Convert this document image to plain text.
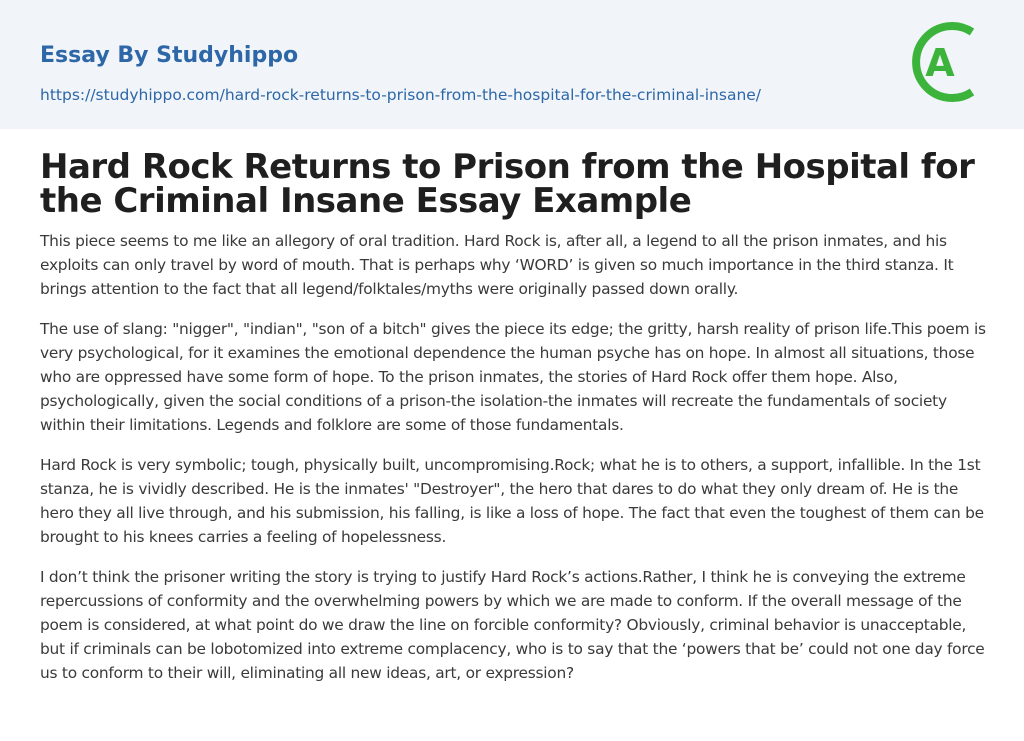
Essay By Studyhippo
https://studyhippo.com/hard-rock-returns-to-prison-from-the-hospital-for-the-criminal-insane/
A
Hard Rock Returns to Prison from the Hospital for the Criminal Insane Essay Example

This piece seems to me like an allegory of oral tradition. Hard Rock is, after all, a legend to all the prison inmates, and his exploits can only travel by word of mouth. That is perhaps why ‘WORD’ is given so much importance in the third stanza. It brings attention to the fact that all legend/folktales/myths were originally passed down orally.

The use of slang: "nigger", "indian", "son of a bitch" gives the piece its edge; the gritty, harsh reality of prison life.This poem is very psychological, for it examines the emotional dependence the human psyche has on hope. In almost all situations, those who are oppressed have some form of hope. To the prison inmates, the stories of Hard Rock offer them hope. Also, psychologically, given the social conditions of a prison-the isolation-the inmates will recreate the fundamentals of society within their limitations. Legends and folklore are some of those fundamentals.

Hard Rock is very symbolic; tough, physically built, uncompromising.Rock; what he is to others, a support, infallible. In the 1st stanza, he is vividly described. He is the inmates' "Destroyer", the hero that dares to do what they only dream of. He is the hero they all live through, and his submission, his falling, is like a loss of hope. The fact that even the toughest of them can be brought to his knees carries a feeling of hopelessness.

I don’t think the prisoner writing the story is trying to justify Hard Rock’s actions.Rather, I think he is conveying the extreme repercussions of conformity and the overwhelming powers by which we are made to conform. If the overall message of the poem is considered, at what point do we draw the line on forcible conformity? Obviously, criminal behavior is unacceptable, but if criminals can be lobotomized into extreme complacency, who is to say that the ‘powers that be’ could not one day force us to conform to their will, eliminating all new ideas, art, or expression?
